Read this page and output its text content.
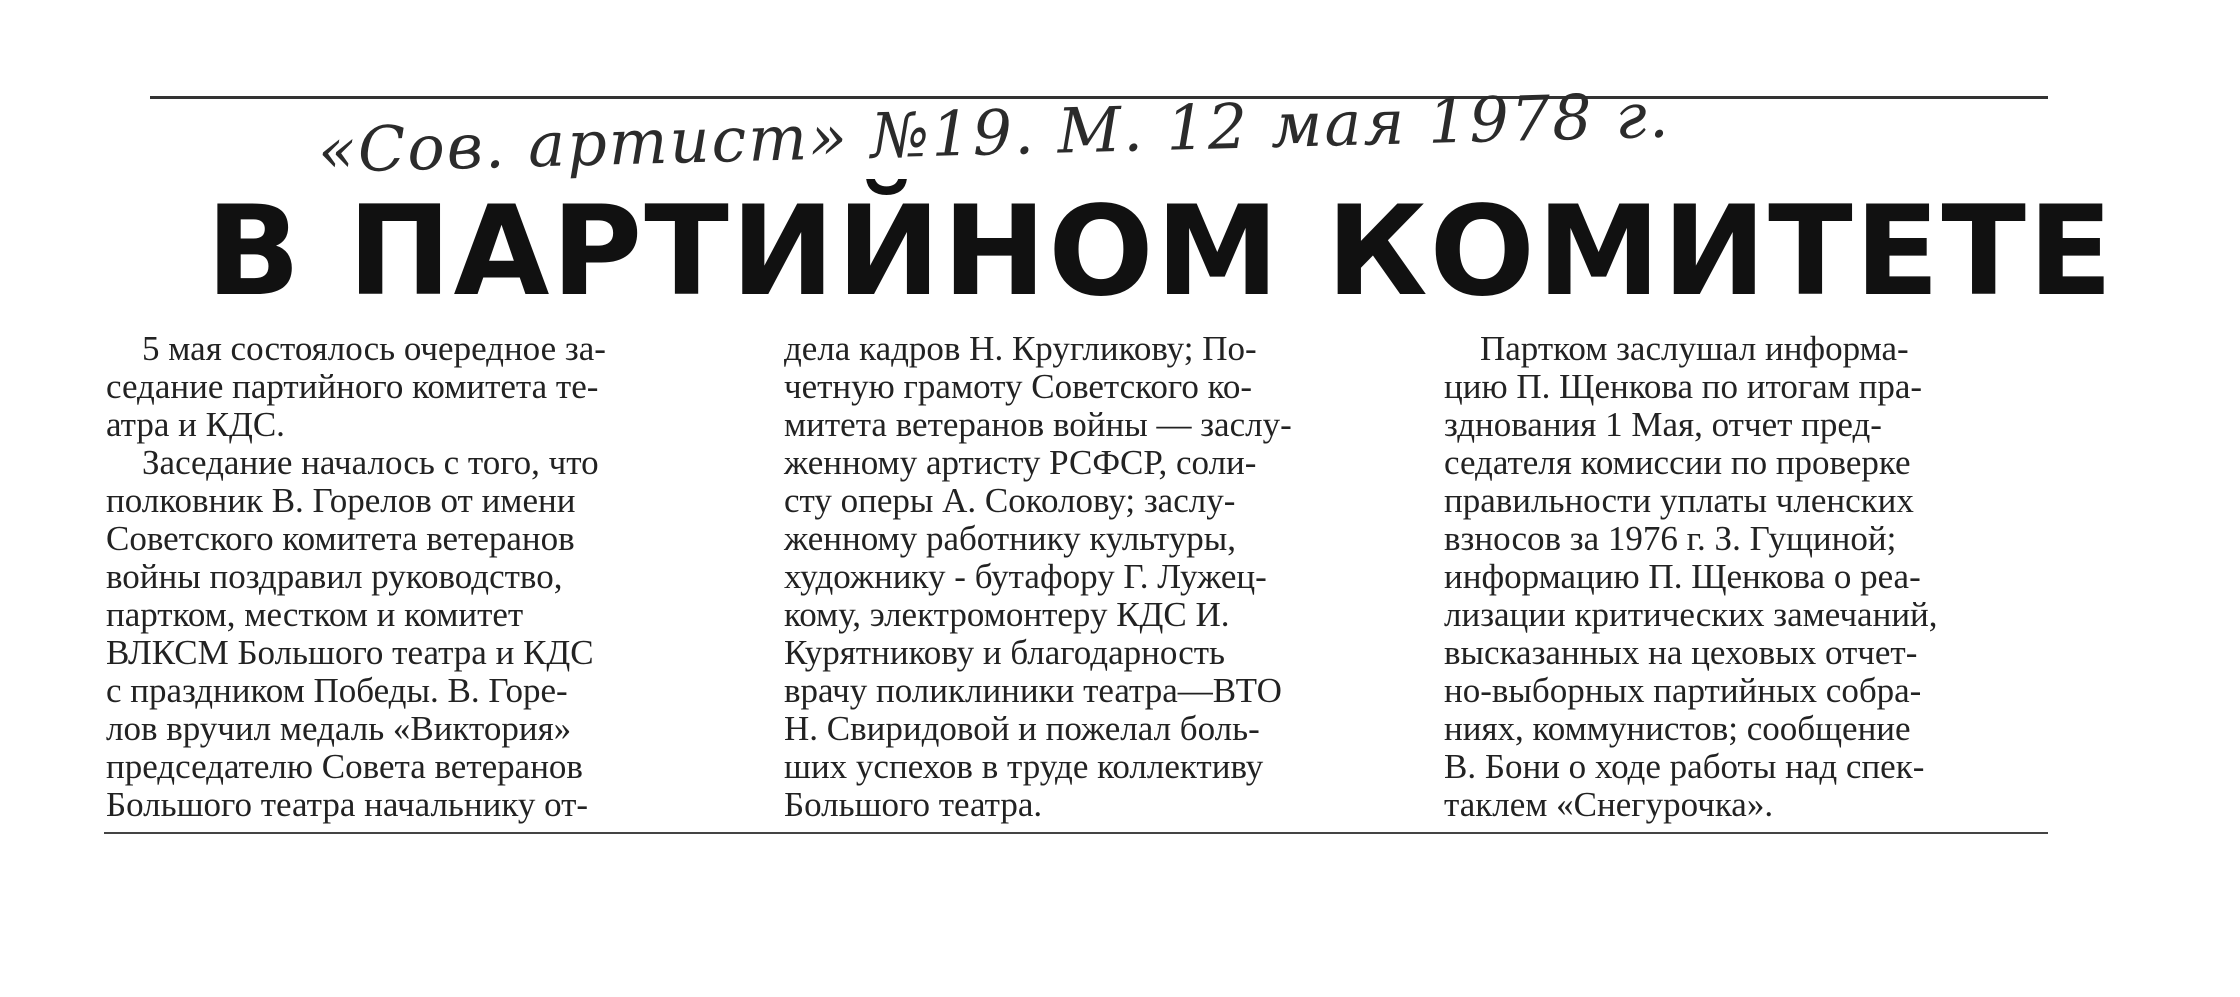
«Сов. артист» №19. М. 12 мая 1978 г.
В ПАРТИЙНОМ КОМИТЕТЕ

5 мая состоялось очередное за-
седание партийного комитета те-
атра и КДС.

Заседание началось с того, что
полковник В. Горелов от имени
Советского комитета ветеранов
войны поздравил руководство,
партком, местком и комитет
ВЛКСМ Большого театра и КДС
с праздником Победы. В. Горе-
лов вручил медаль «Виктория»
председателю Совета ветеранов
Большого театра начальнику от-

дела кадров Н. Кругликову; По-
четную грамоту Советского ко-
митета ветеранов войны — заслу-
женному артисту РСФСР, соли-
сту оперы А. Соколову; заслу-
женному работнику культуры,
художнику - бутафору Г. Лужец-
кому, электромонтеру КДС И.
Курятникову и благодарность
врачу поликлиники театра—ВТО
Н. Свиридовой и пожелал боль-
ших успехов в труде коллективу
Большого театра.

Партком заслушал информа-
цию П. Щенкова по итогам пра-
зднования 1 Мая, отчет пред-
седателя комиссии по проверке
правильности уплаты членских
взносов за 1976 г. З. Гущиной;
информацию П. Щенкова о реа-
лизации критических замечаний,
высказанных на цеховых отчет-
но-выборных партийных собра-
ниях, коммунистов; сообщение
В. Бони о ходе работы над спек-
таклем «Снегурочка».
